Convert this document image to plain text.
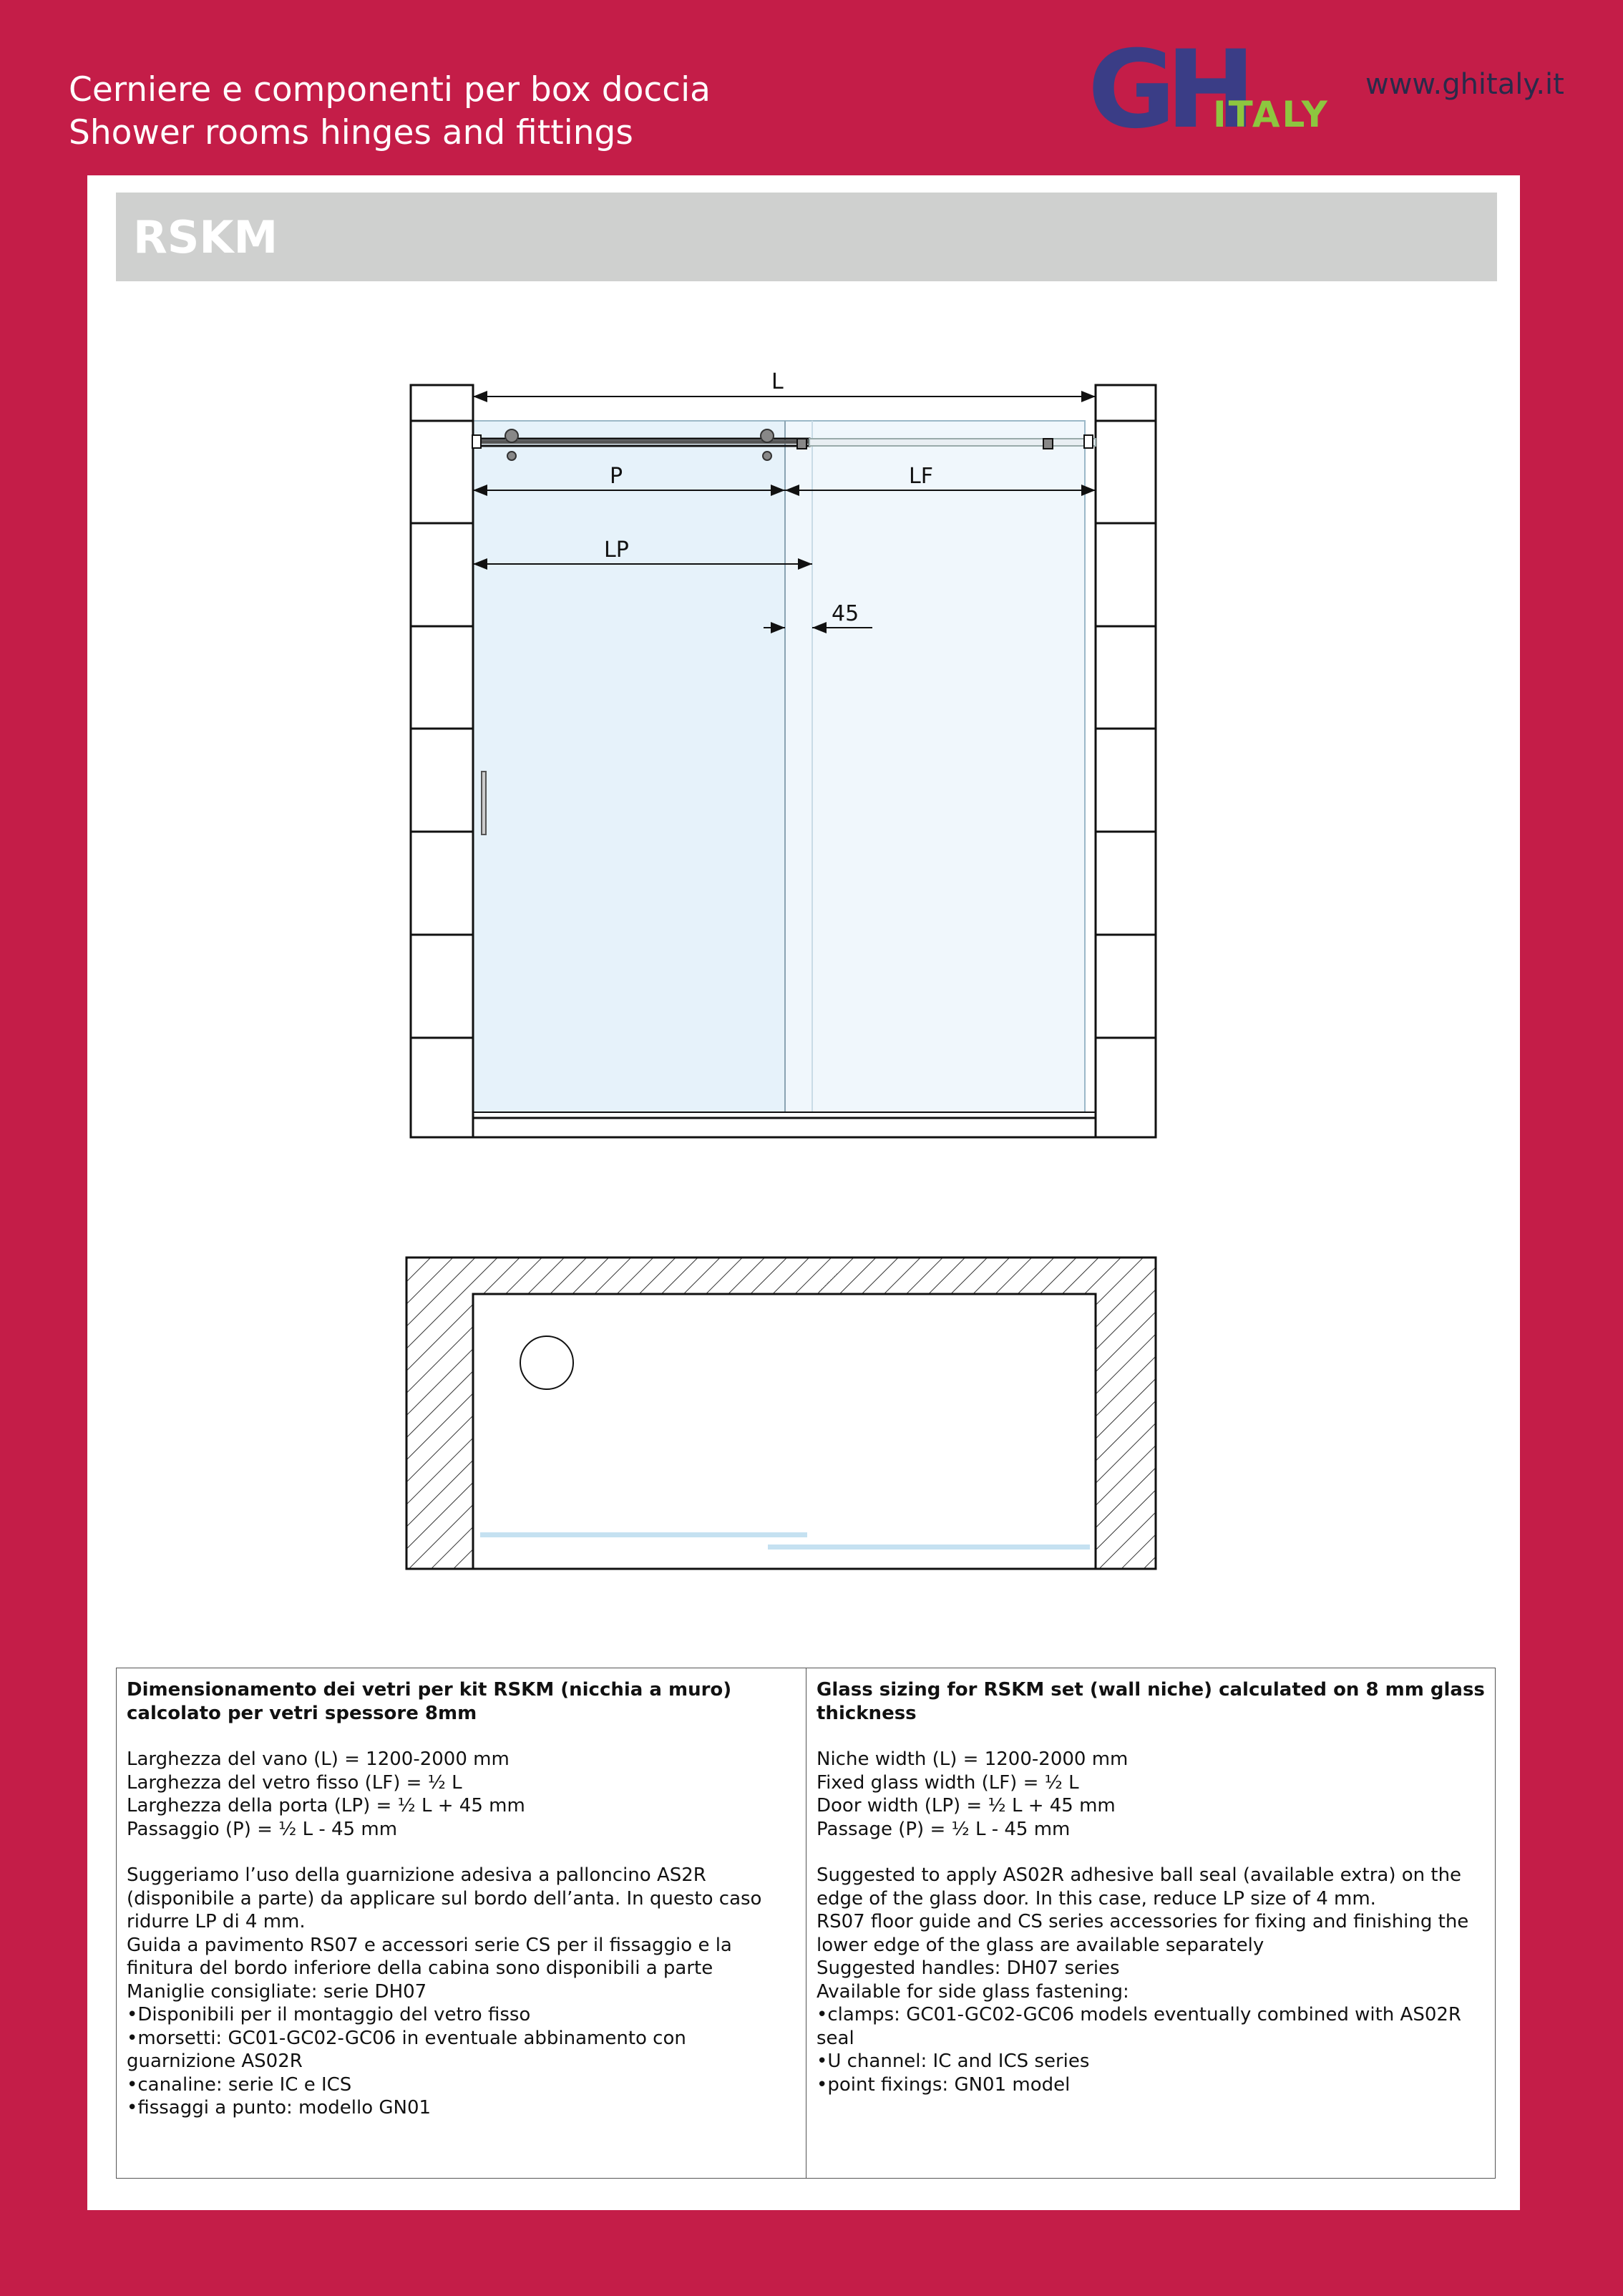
Cerniere e componenti per box doccia
Shower rooms hinges and fittings	GH
ITALY
www.ghitaly.it
RSKM
L
P	LF
LP
45
Dimensionamento dei vetri per kit RSKM (nicchia a muro) calcolato per vetri spessore 8mm
Larghezza del vano (L) = 1200-2000 mm
Larghezza del vetro fisso (LF) = ½ L
Larghezza della porta (LP) = ½ L + 45 mm
Passaggio (P) = ½ L - 45 mm
Suggeriamo l’uso della guarnizione adesiva a palloncino AS2R (disponibile a parte) da applicare sul bordo dell’anta. In questo caso ridurre LP di 4 mm.
Guida a pavimento RS07 e accessori serie CS per il fissaggio e la finitura del bordo inferiore della cabina sono disponibili a parte
Maniglie consigliate: serie DH07
•Disponibili per il montaggio del vetro fisso
•morsetti: GC01-GC02-GC06 in eventuale abbinamento con guarnizione AS02R
•canaline: serie IC e ICS
•fissaggi a punto: modello GN01
Glass sizing for RSKM set (wall niche) calculated on 8 mm glass thickness
Niche width (L) = 1200-2000 mm
Fixed glass width (LF) = ½ L
Door width (LP) = ½ L + 45 mm
Passage (P) = ½ L - 45 mm
Suggested to apply AS02R adhesive ball seal (available extra) on the edge of the glass door. In this case, reduce LP size of 4 mm.
RS07 floor guide and CS series accessories for fixing and finishing the lower edge of the glass are available separately
Suggested handles: DH07 series
Available for side glass fastening:
•clamps: GC01-GC02-GC06 models eventually combined with AS02R seal
•U channel: IC and ICS series
•point fixings: GN01 model
